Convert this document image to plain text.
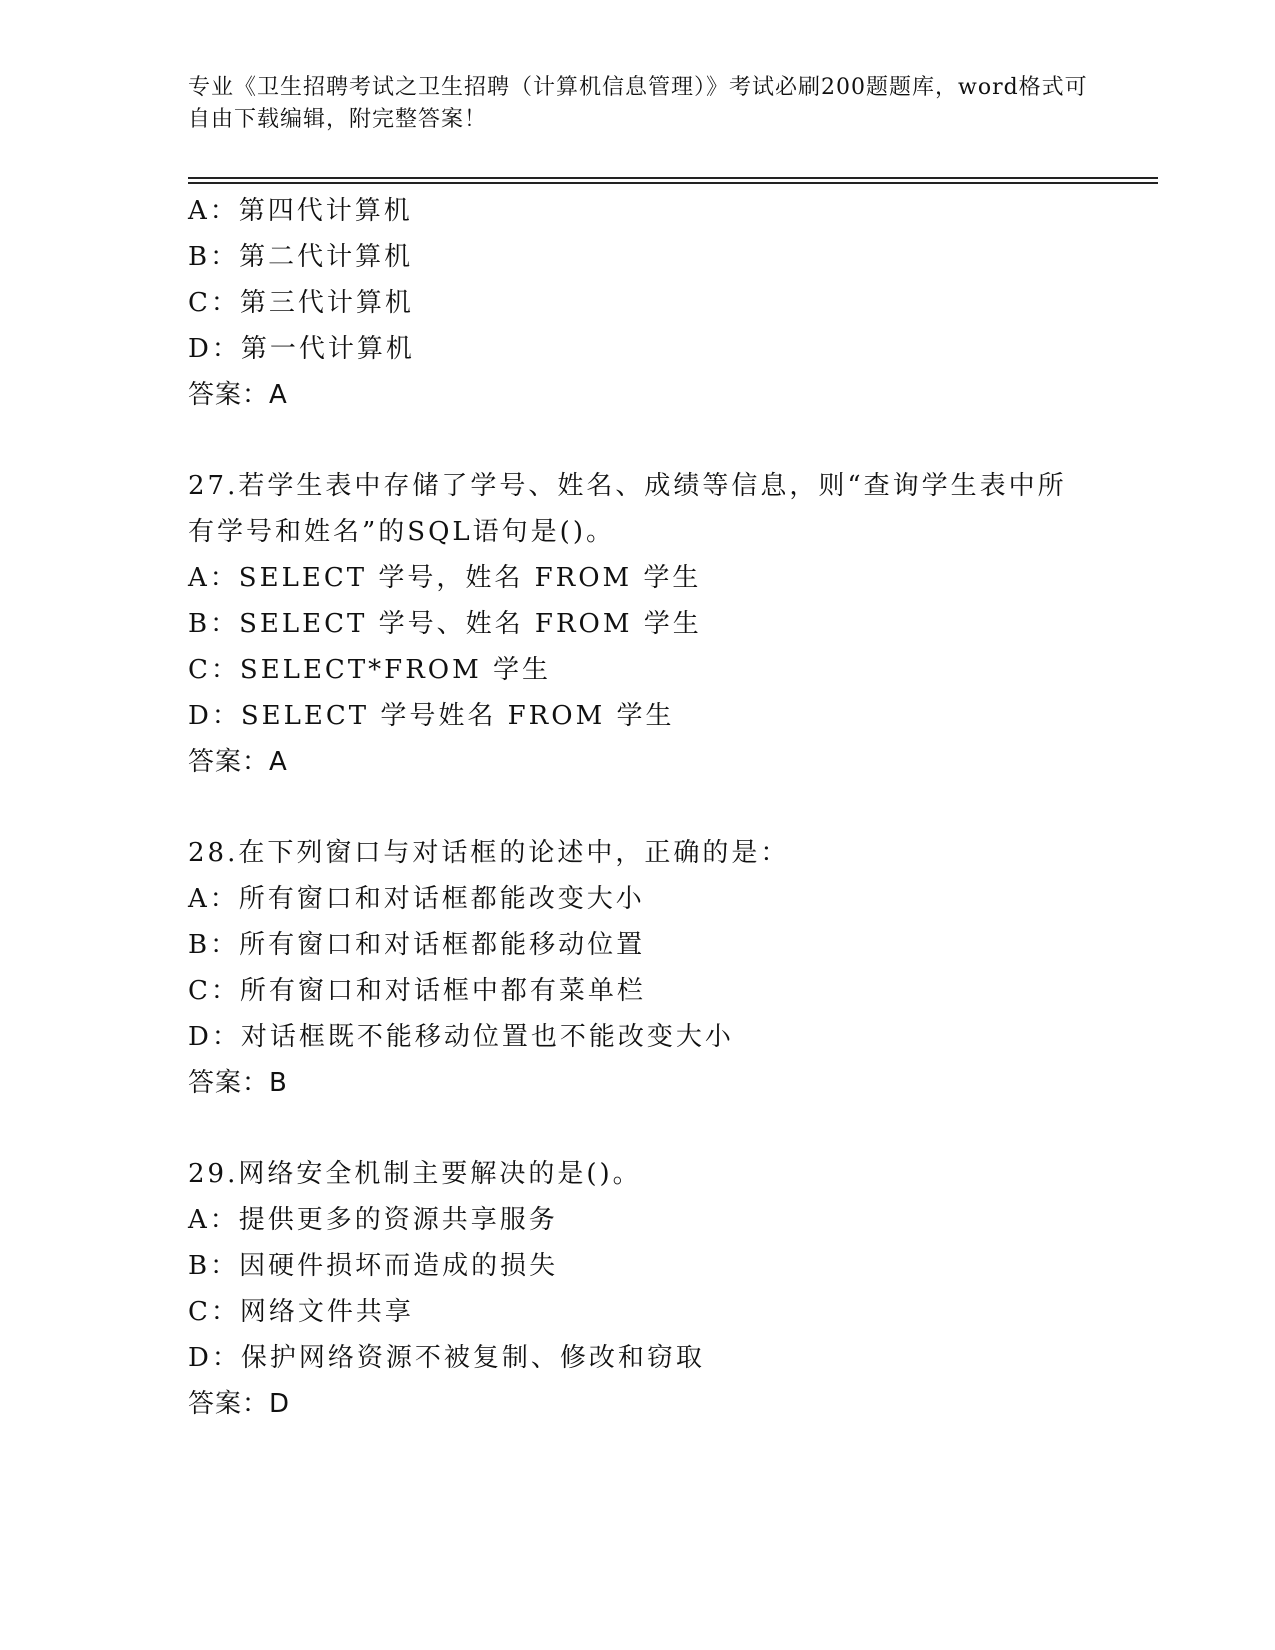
专业《卫生招聘考试之卫生招聘（计算机信息管理）》考试必刷200题题库，word格式可自由下载编辑，附完整答案！
A：第四代计算机
B：第二代计算机
C：第三代计算机
D：第一代计算机
答案：A
27.若学生表中存储了学号、姓名、成绩等信息，则“查询学生表中所
有学号和姓名”的SQL语句是()。
A：SELECT 学号，姓名 FROM 学生
B：SELECT 学号、姓名 FROM 学生
C：SELECT*FROM 学生
D：SELECT 学号姓名 FROM 学生
答案：A
28.在下列窗口与对话框的论述中，正确的是：
A：所有窗口和对话框都能改变大小
B：所有窗口和对话框都能移动位置
C：所有窗口和对话框中都有菜单栏
D：对话框既不能移动位置也不能改变大小
答案：B
29.网络安全机制主要解决的是()。
A：提供更多的资源共享服务
B：因硬件损坏而造成的损失
C：网络文件共享
D：保护网络资源不被复制、修改和窃取
答案：D
